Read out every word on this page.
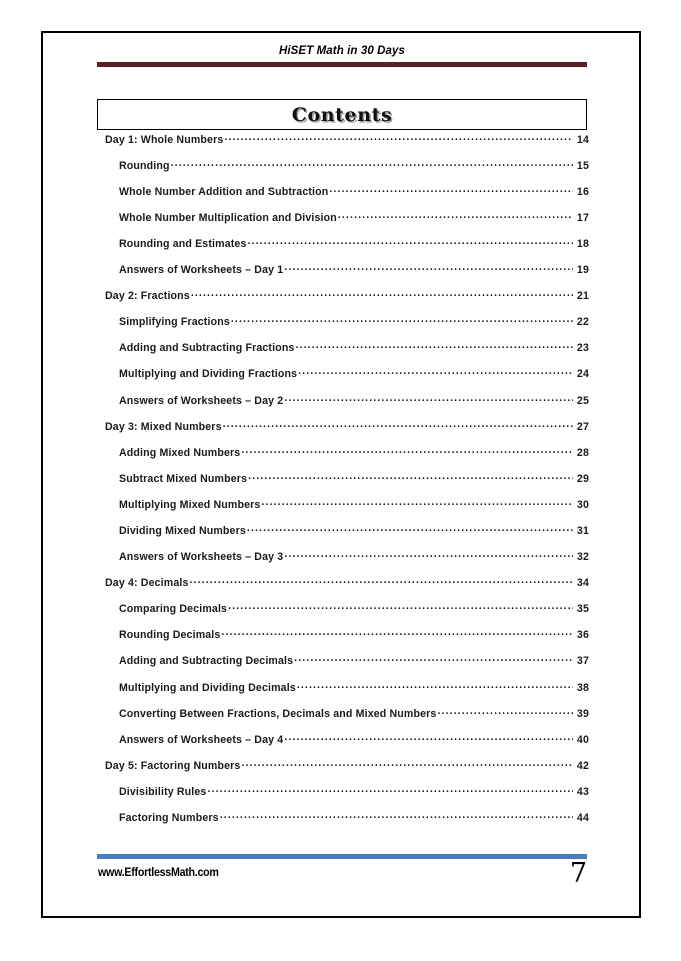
HiSET Math in 30 Days
Contents
Day 1: Whole Numbers .....	14
Rounding .....	15
Whole Number Addition and Subtraction .....	16
Whole Number Multiplication and Division .....	17
Rounding and Estimates .....	18
Answers of Worksheets – Day 1 .....	19
Day 2: Fractions .....	21
Simplifying Fractions .....	22
Adding and Subtracting Fractions .....	23
Multiplying and Dividing Fractions .....	24
Answers of Worksheets – Day 2 .....	25
Day 3: Mixed Numbers .....	27
Adding Mixed Numbers .....	28
Subtract Mixed Numbers .....	29
Multiplying Mixed Numbers .....	30
Dividing Mixed Numbers .....	31
Answers of Worksheets – Day 3 .....	32
Day 4: Decimals .....	34
Comparing Decimals .....	35
Rounding Decimals .....	36
Adding and Subtracting Decimals .....	37
Multiplying and Dividing Decimals .....	38
Converting Between Fractions, Decimals and Mixed Numbers .....	39
Answers of Worksheets – Day 4 .....	40
Day 5: Factoring Numbers .....	42
Divisibility Rules .....	43
Factoring Numbers .....	44
www.EffortlessMath.com	7
